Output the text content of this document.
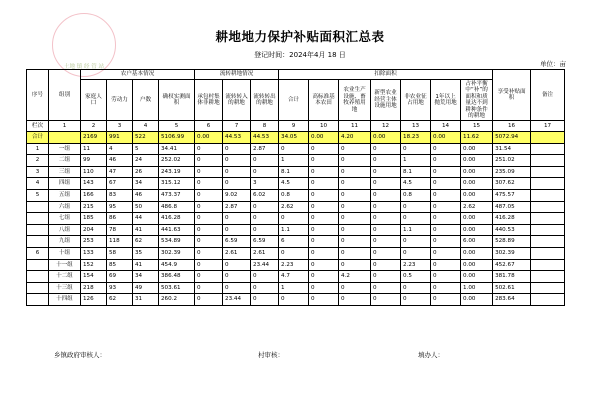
土地 镇 经 管 站
耕地地力保护补贴面积汇总表
登记时间：2024年4月 18 日
单位：亩
序号	组别	农户基本情况				流转耕地情况			扣除面积							享受补贴面积	备注
		家庭人口	劳动力	户数	确权实测面积	承包村集体非耕地	流转转入的耕地	流转转出的耕地	合计	高标准基本农田	农业生产设施、畜牧养殖用地	新型农业经营主体设施用地	非农业征占用地	1年以上抛荒用地	占补平衡中“补”的面积和质量达不到耕种条件的耕地		
栏次	1	2	3	4	5	6	7	8	9	10	11	12	13	14	15	16	17
合计		2169	991	522	5106.99	0.00	44.53	44.53	34.05	0.00	4.20	0.00	18.23	0.00	11.62	5072.94	
1	一组	11	4	5	34.41	0	0	2.87	0	0	0	0	0	0	0.00	31.54	
2	二组	99	46	24	252.02	0	0	0	1	0	0	0	1	0	0.00	251.02	
3	三组	110	47	26	243.19	0	0	0	8.1	0	0	0	8.1	0	0.00	235.09	
4	四组	143	67	34	315.12	0	0	3	4.5	0	0	0	4.5	0	0.00	307.62	
5	五组	166	83	46	473.37	0	9.02	6.02	0.8	0	0	0	0.8	0	0.00	475.57	
	六组	215	95	50	486.8	0	2.87	0	2.62	0	0	0	0	0	2.62	487.05	
	七组	185	86	44	416.28	0	0	0	0	0	0	0	0	0	0.00	416.28	
	八组	204	78	41	441.63	0	0	0	1.1	0	0	0	1.1	0	0.00	440.53	
	九组	253	118	62	534.89	0	6.59	6.59	6	0	0	0	0	0	6.00	528.89	
6	十组	133	58	35	302.39	0	2.61	2.61	0	0	0	0	0	0	0.00	302.39	
	十一组	152	85	41	454.9	0	0	23.44	2.23	0	0	0	2.23	0	0.00	452.67	
	十二组	154	69	34	386.48	0	0	0	4.7	0	4.2	0	0.5	0	0.00	381.78	
	十三组	218	93	49	503.61	0	0	0	1	0	0	0	0	0	1.00	502.61	
	十四组	126	62	31	260.2	0	23.44	0	0	0	0	0	0	0	0.00	283.64	
乡镇政府审核人：	村审核：	填办人：
